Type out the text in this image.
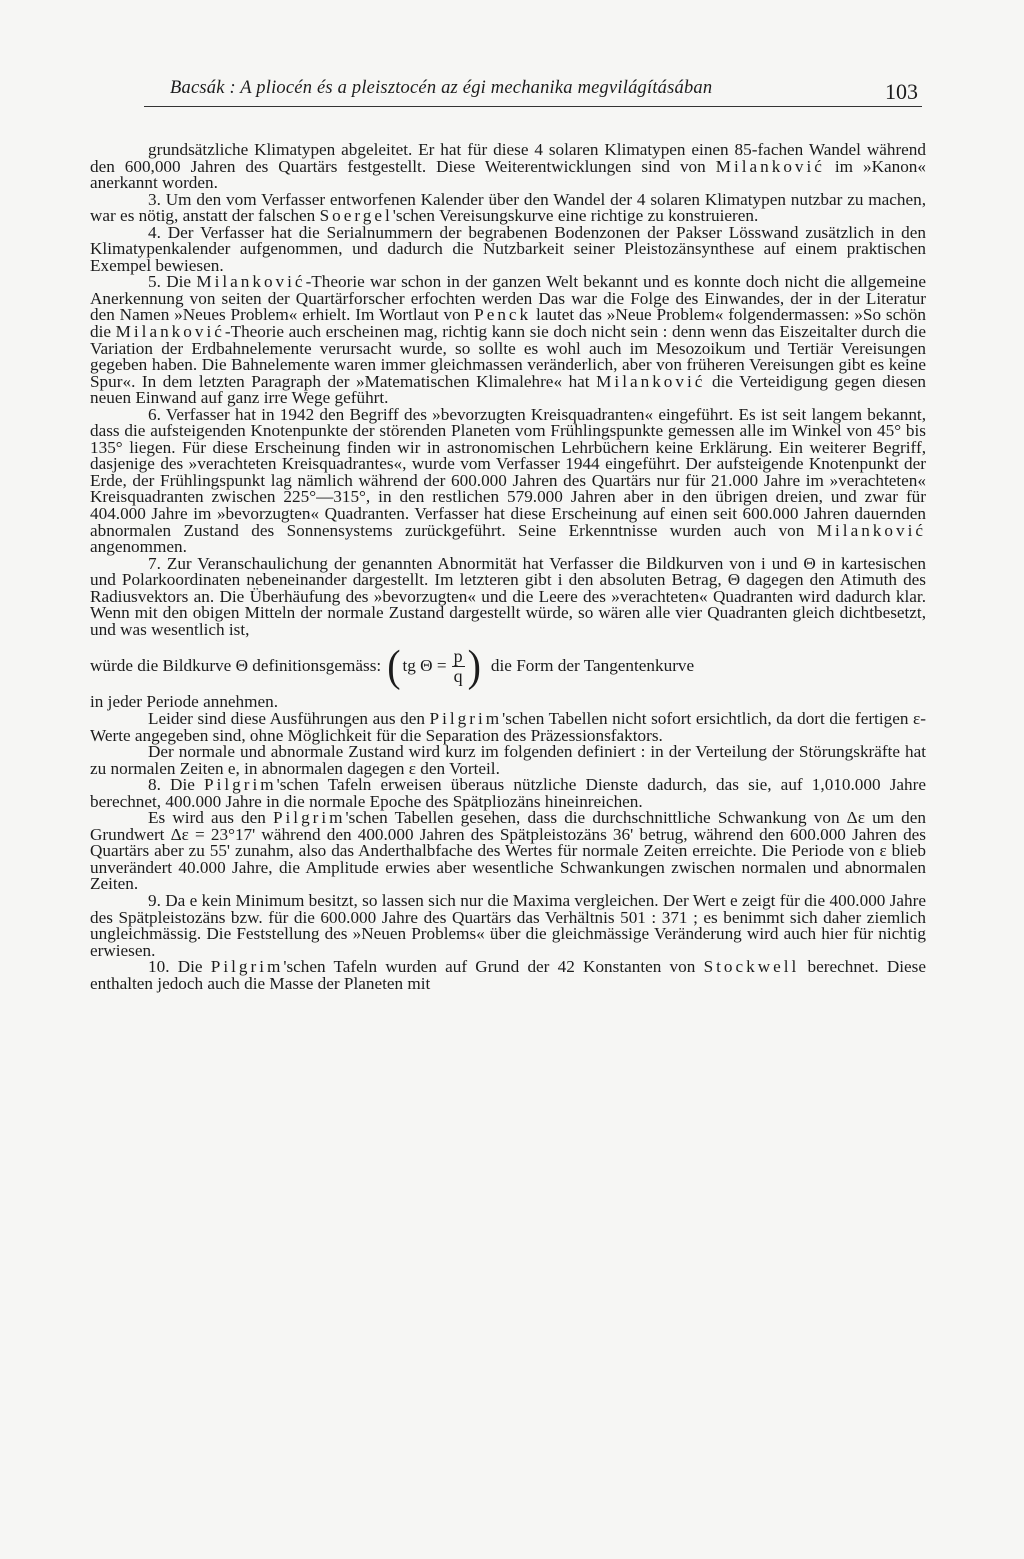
Bacsák : A pliocén és a pleisztocén az égi mechanika megvilágításában	103

grundsätzliche Klimatypen abgeleitet. Er hat für diese 4 solaren Klimatypen einen 85-fachen Wandel während den 600,000 Jahren des Quartärs festgestellt. Diese Weiterentwicklungen sind von Milanković im »Kanon« anerkannt worden.

3. Um den vom Verfasser entworfenen Kalender über den Wandel der 4 solaren Klimatypen nutzbar zu machen, war es nötig, anstatt der falschen Soergel'schen Vereisungskurve eine richtige zu konstruieren.

4. Der Verfasser hat die Serialnummern der begrabenen Bodenzonen der Pakser Lösswand zusätzlich in den Klimatypenkalender aufgenommen, und dadurch die Nutzbarkeit seiner Pleistozänsynthese auf einem praktischen Exempel bewiesen.

5. Die Milanković-Theorie war schon in der ganzen Welt bekannt und es konnte doch nicht die allgemeine Anerkennung von seiten der Quartärforscher erfochten werden Das war die Folge des Einwandes, der in der Literatur den Namen »Neues Problem« erhielt. Im Wortlaut von Penck lautet das »Neue Problem« folgendermassen: »So schön die Milanković-Theorie auch erscheinen mag, richtig kann sie doch nicht sein : denn wenn das Eiszeitalter durch die Variation der Erdbahnelemente verursacht wurde, so sollte es wohl auch im Mesozoikum und Tertiär Vereisungen gegeben haben. Die Bahnelemente waren immer gleichmassen veränderlich, aber von früheren Vereisungen gibt es keine Spur«. In dem letzten Paragraph der »Matematischen Klimalehre« hat Milanković die Verteidigung gegen diesen neuen Einwand auf ganz irre Wege geführt.

6. Verfasser hat in 1942 den Begriff des »bevorzugten Kreisquadranten« eingeführt. Es ist seit langem bekannt, dass die aufsteigenden Knotenpunkte der störenden Planeten vom Frühlingspunkte gemessen alle im Winkel von 45° bis 135° liegen. Für diese Erscheinung finden wir in astronomischen Lehrbüchern keine Erklärung. Ein weiterer Begriff, dasjenige des »verachteten Kreisquadrantes«, wurde vom Verfasser 1944 eingeführt. Der aufsteigende Knotenpunkt der Erde, der Frühlingspunkt lag nämlich während der 600.000 Jahren des Quartärs nur für 21.000 Jahre im »verachteten« Kreisquadranten zwischen 225°—315°, in den restlichen 579.000 Jahren aber in den übrigen dreien, und zwar für 404.000 Jahre im »bevorzugten« Quadranten. Verfasser hat diese Erscheinung auf einen seit 600.000 Jahren dauernden abnormalen Zustand des Sonnensystems zurückgeführt. Seine Erkenntnisse wurden auch von Milanković angenommen.

7. Zur Veranschaulichung der genannten Abnormität hat Verfasser die Bildkurven von i und Θ in kartesischen und Polarkoordinaten nebeneinander dargestellt. Im letzteren gibt i den absoluten Betrag, Θ dagegen den Atimuth des Radiusvektors an. Die Überhäufung des »bevorzugten« und die Leere des »verachteten« Quadranten wird dadurch klar. Wenn mit den obigen Mitteln der normale Zustand dargestellt würde, so wären alle vier Quadranten gleich dichtbesetzt, und was wesentlich ist,

würde die Bildkurve Θ definitionsgemäss: ( tg $\Theta = \frac{p}{q}$ ) die Form der Tangentenkurve

in jeder Periode annehmen.

Leider sind diese Ausführungen aus den Pilgrim'schen Tabellen nicht sofort ersichtlich, da dort die fertigen ε-Werte angegeben sind, ohne Möglichkeit für die Separation des Präzessionsfaktors.

Der normale und abnormale Zustand wird kurz im folgenden definiert : in der Verteilung der Störungskräfte hat zu normalen Zeiten e, in abnormalen dagegen ε den Vorteil.

8. Die Pilgrim'schen Tafeln erweisen überaus nützliche Dienste dadurch, das sie, auf 1,010.000 Jahre berechnet, 400.000 Jahre in die normale Epoche des Spätpliozäns hineinreichen.

Es wird aus den Pilgrim'schen Tabellen gesehen, dass die durchschnittliche Schwankung von Δε um den Grundwert Δε = 23°17' während den 400.000 Jahren des Spätpleistozäns 36' betrug, während den 600.000 Jahren des Quartärs aber zu 55' zunahm, also das Anderthalbfache des Wertes für normale Zeiten erreichte. Die Periode von ε blieb unverändert 40.000 Jahre, die Amplitude erwies aber wesentliche Schwankungen zwischen normalen und abnormalen Zeiten.

9. Da e kein Minimum besitzt, so lassen sich nur die Maxima vergleichen. Der Wert e zeigt für die 400.000 Jahre des Spätpleistozäns bzw. für die 600.000 Jahre des Quartärs das Verhältnis 501 : 371 ; es benimmt sich daher ziemlich ungleichmässig. Die Feststellung des »Neuen Problems« über die gleichmässige Veränderung wird auch hier für nichtig erwiesen.

10. Die Pilgrim'schen Tafeln wurden auf Grund der 42 Konstanten von Stockwell berechnet. Diese enthalten jedoch auch die Masse der Planeten mit
